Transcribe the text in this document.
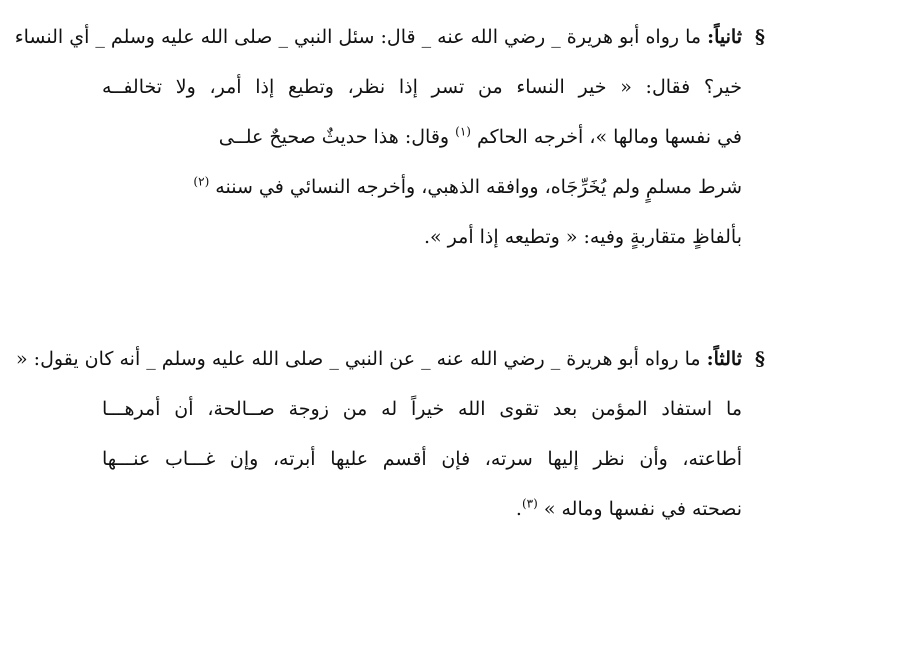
§
ثانياً: ما رواه أبو هريرة _ رضي الله عنه _ قال: سئل النبي _ صلى الله عليه وسلم _ أي النساء
خير؟ فقال: « خير النساء من تسر إذا نظر، وتطيع إذا أمر، ولا تخالفــه
في نفسها ومالها »، أخرجه الحاكم $^{(١)}$ وقال: هذا حديثٌ صحيحٌ علــى
شرط مسلمٍ ولم يُخَرِّجَاه، ووافقه الذهبي، وأخرجه النسائي في سننه $^{(٢)}$
بألفاظٍ متقاربةٍ وفيه: « وتطيعه إذا أمر ».
§
ثالثاً: ما رواه أبو هريرة _ رضي الله عنه _ عن النبي _ صلى الله عليه وسلم _ أنه كان يقول: «
ما استفاد المؤمن بعد تقوى الله خيراً له من زوجة صــالحة، أن أمرهـــا
أطاعته، وأن نظر إليها سرته، فإن أقسم عليها أبرته، وإن غـــاب عنـــها
نصحته في نفسها وماله » $^{(٣)}$.
